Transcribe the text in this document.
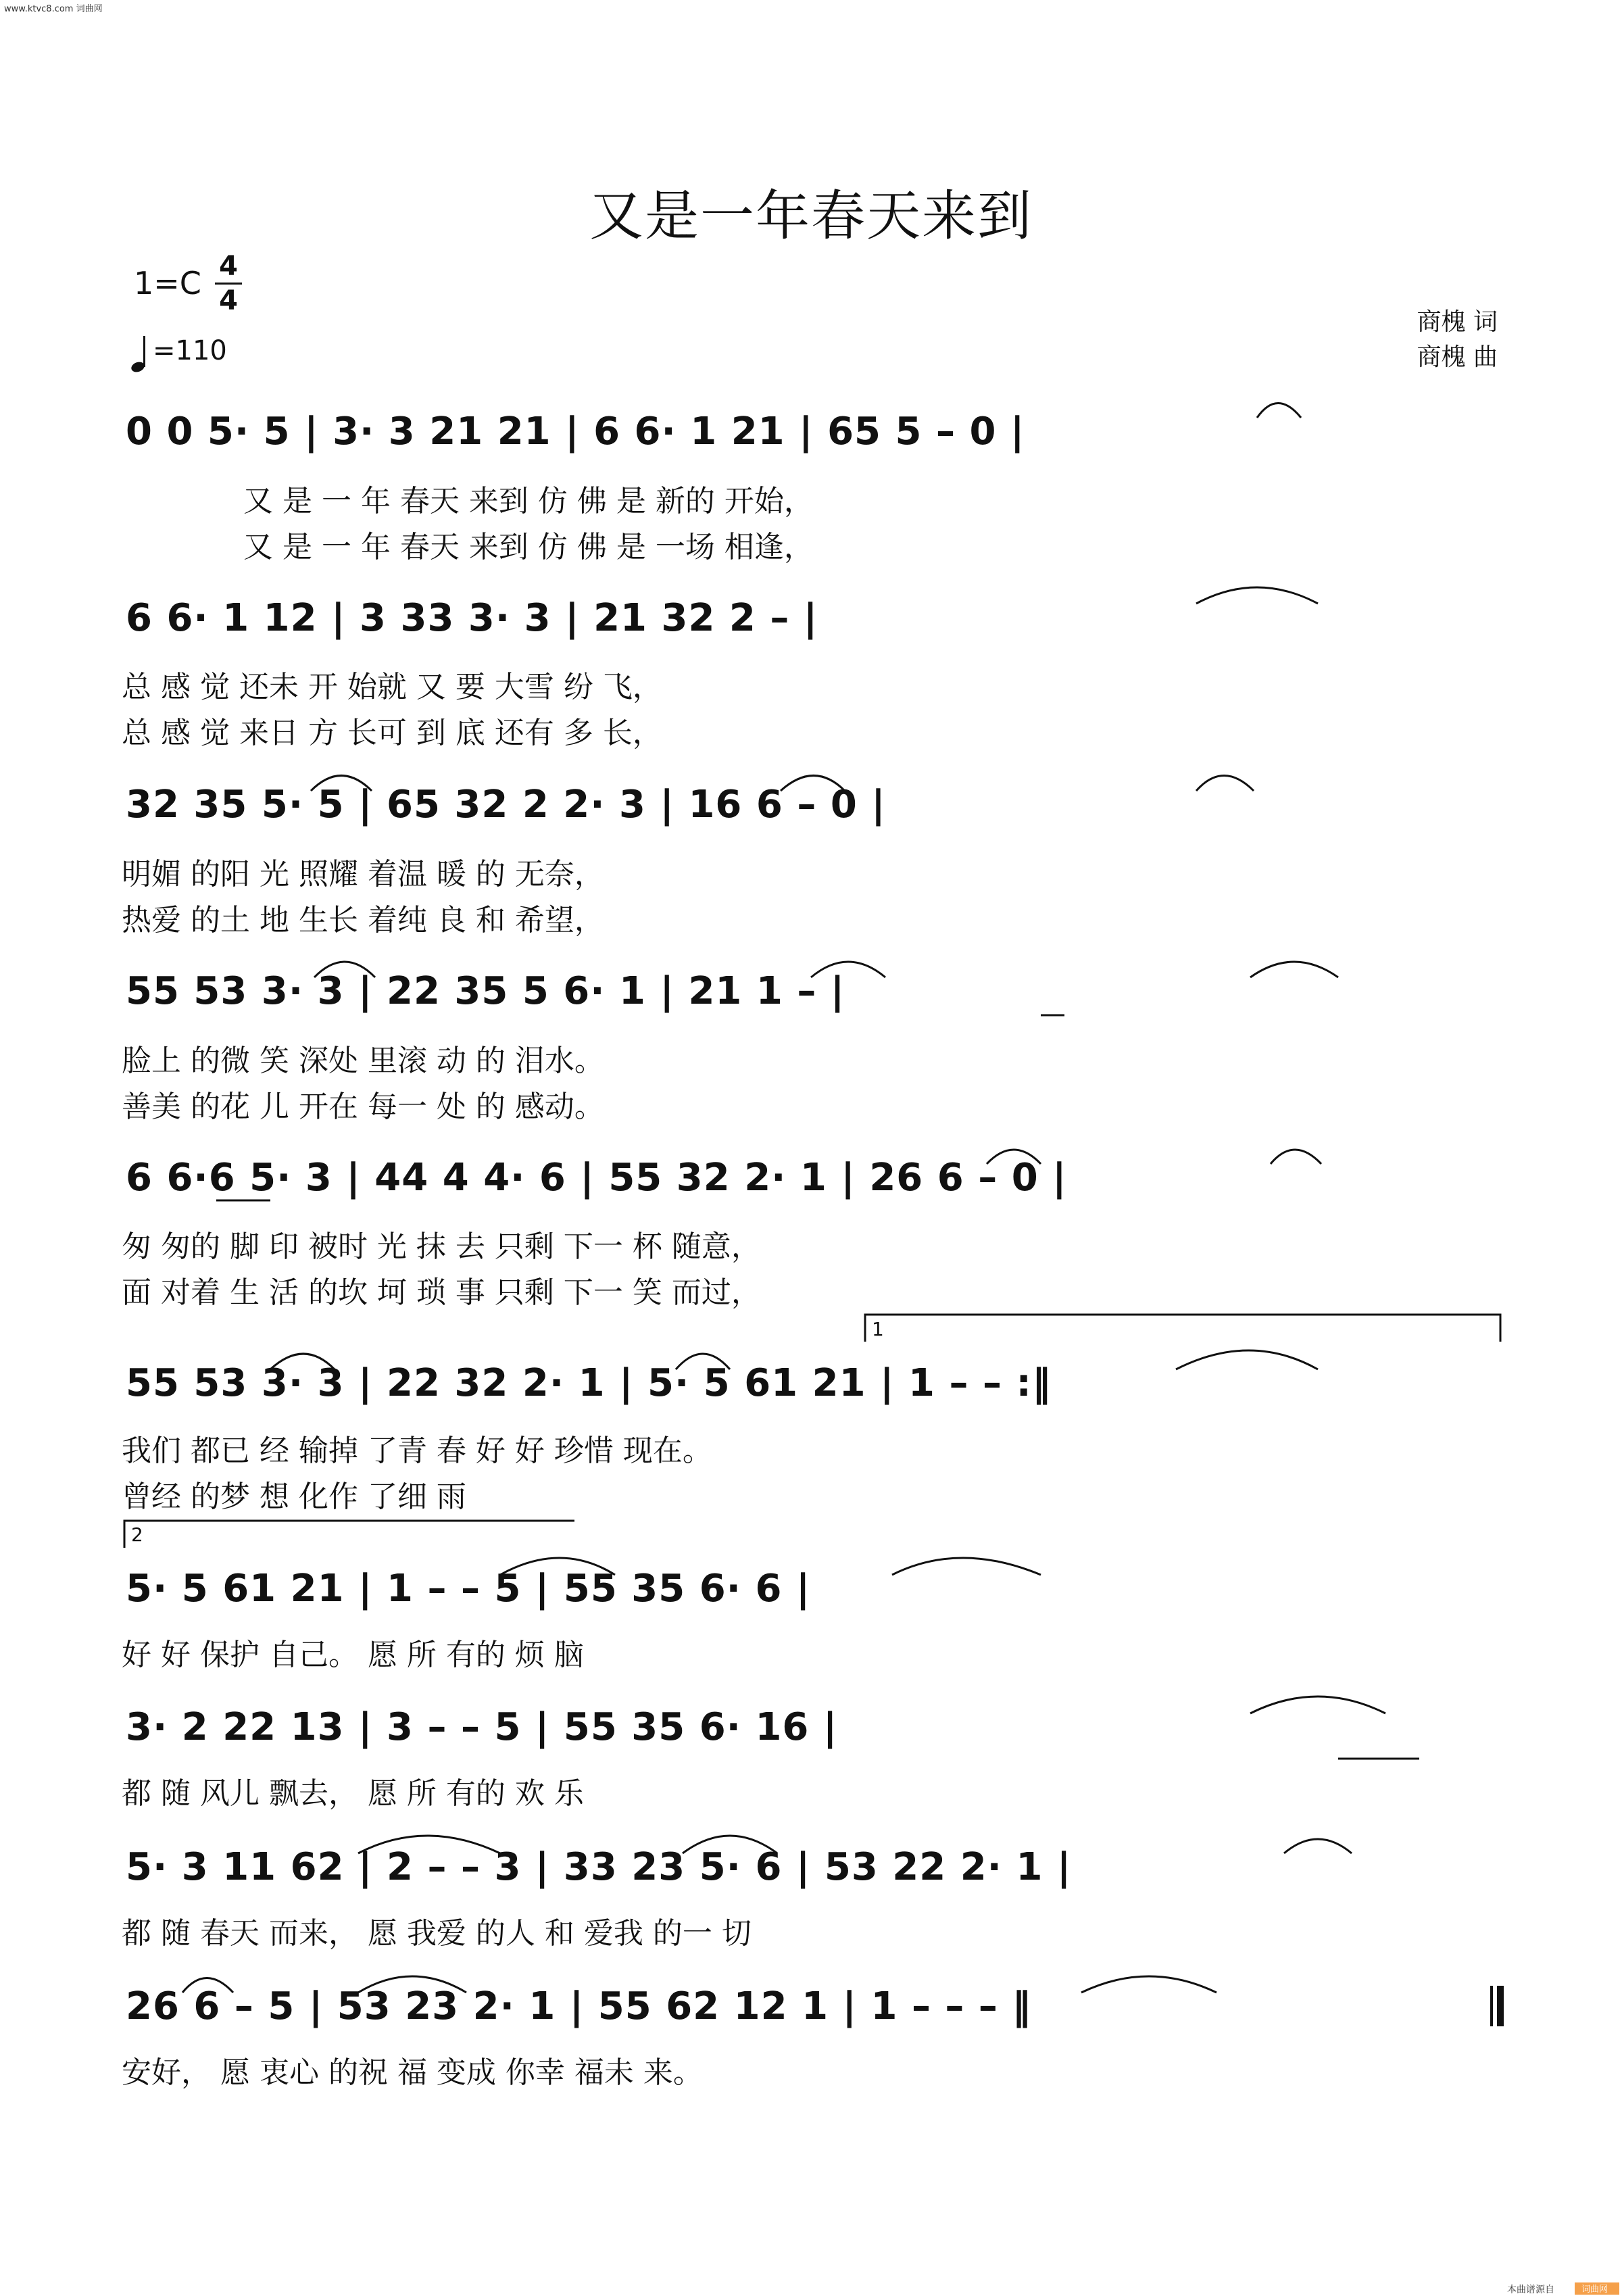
www.ktvc8.com 词曲网
又是一年春天来到
1=C 4
4
=110
商槐 词
商槐 曲
0 0 5· 5 | 3· 3 21 21 | 6 6· 1 21 | 65 5 – 0 |
又 是 一 年 春天 来到 仿 佛 是 新的 开始，
又 是 一 年 春天 来到 仿 佛 是 一场 相逢，
6 6· 1 12 | 3 33 3· 3 | 21 32 2 – |
总 感 觉 还未 开 始就 又 要 大雪 纷 飞，
总 感 觉 来日 方 长可 到 底 还有 多 长，
32 35 5· 5 | 65 32 2 2· 3 | 16 6 – 0 |
明媚 的阳 光 照耀 着温 暖 的 无奈，
热爱 的土 地 生长 着纯 良 和 希望，
55 53 3· 3 | 22 35 5 6· 1 | 21 1 – |
脸上 的微 笑 深处 里滚 动 的 泪水。
善美 的花 儿 开在 每一 处 的 感动。
6 6·6 5· 3 | 44 4 4· 6 | 55 32 2· 1 | 26 6 – 0 |
匆 匆的 脚 印 被时 光 抹 去 只剩 下一 杯 随意，
面 对着 生 活 的坎 坷 琐 事 只剩 下一 笑 而过，
1
55 53 3· 3 | 22 32 2· 1 | 5· 5 61 21 | 1 – – :‖
我们 都已 经 输掉 了青 春 好 好 珍惜 现在。
曾经 的梦 想 化作 了细 雨
2
5· 5 61 21 | 1 – – 5 | 55 35 6· 6 |
好 好 保护 自己。 愿 所 有的 烦 脑
3· 2 22 13 | 3 – – 5 | 55 35 6· 16 |
都 随 风儿 飘去， 愿 所 有的 欢 乐
5· 3 11 62 | 2 – – 3 | 33 23 5· 6 | 53 22 2· 1 |
都 随 春天 而来， 愿 我爱 的人 和 爱我 的一 切
26 6 – 5 | 53 23 2· 1 | 55 62 12 1 | 1 – – – ‖
安好， 愿 衷心 的祝 福 变成 你幸 福未 来。
本曲谱源自	词曲网
